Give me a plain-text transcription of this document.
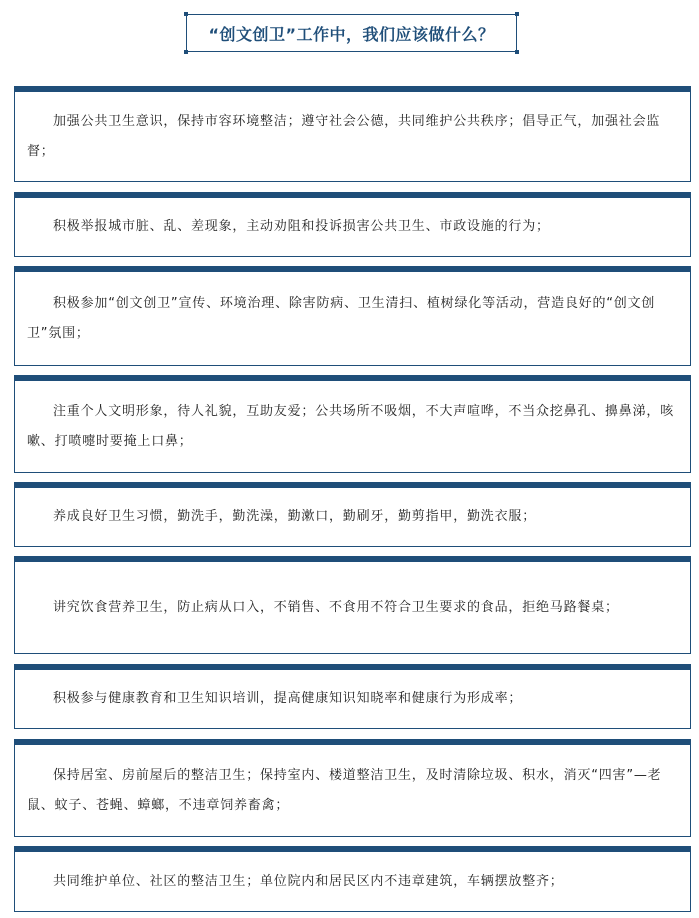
“创文创卫”工作中，我们应该做什么？

加强公共卫生意识，保持市容环境整洁；遵守社会公德，共同维护公共秩序；倡导正气，加强社会监督；

积极举报城市脏、乱、差现象，主动劝阻和投诉损害公共卫生、市政设施的行为；

积极参加“创文创卫”宣传、环境治理、除害防病、卫生清扫、植树绿化等活动，营造良好的“创文创卫”氛围；

注重个人文明形象，待人礼貌，互助友爱；公共场所不吸烟，不大声喧哗，不当众挖鼻孔、擤鼻涕，咳嗽、打喷嚏时要掩上口鼻；

养成良好卫生习惯，勤洗手，勤洗澡，勤漱口，勤刷牙，勤剪指甲，勤洗衣服；

讲究饮食营养卫生，防止病从口入，不销售、不食用不符合卫生要求的食品，拒绝马路餐桌；

积极参与健康教育和卫生知识培训，提高健康知识知晓率和健康行为形成率；

保持居室、房前屋后的整洁卫生；保持室内、楼道整洁卫生，及时清除垃圾、积水，消灭“四害”—老鼠、蚊子、苍蝇、蟑螂，不违章饲养畜禽；

共同维护单位、社区的整洁卫生；单位院内和居民区内不违章建筑，车辆摆放整齐；
